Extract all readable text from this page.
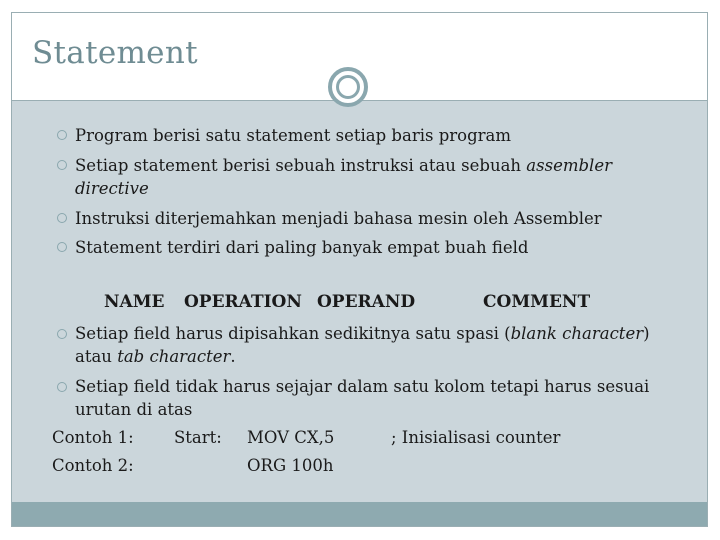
Statement
Program berisi satu statement setiap baris program
Setiap statement berisi sebuah instruksi atau sebuah assembler
directive
Instruksi diterjemahkan menjadi bahasa mesin oleh Assembler
Statement terdiri dari paling banyak empat buah field
NAME OPERATION OPERAND	COMMENT
Setiap field harus dipisahkan sedikitnya satu spasi (blank character)
atau tab character.
Setiap field tidak harus sejajar dalam satu kolom tetapi harus sesuai
urutan di atas
Contoh 1: Start: MOV CX,5	; Inisialisasi counter
Contoh 2:	ORG 100h
